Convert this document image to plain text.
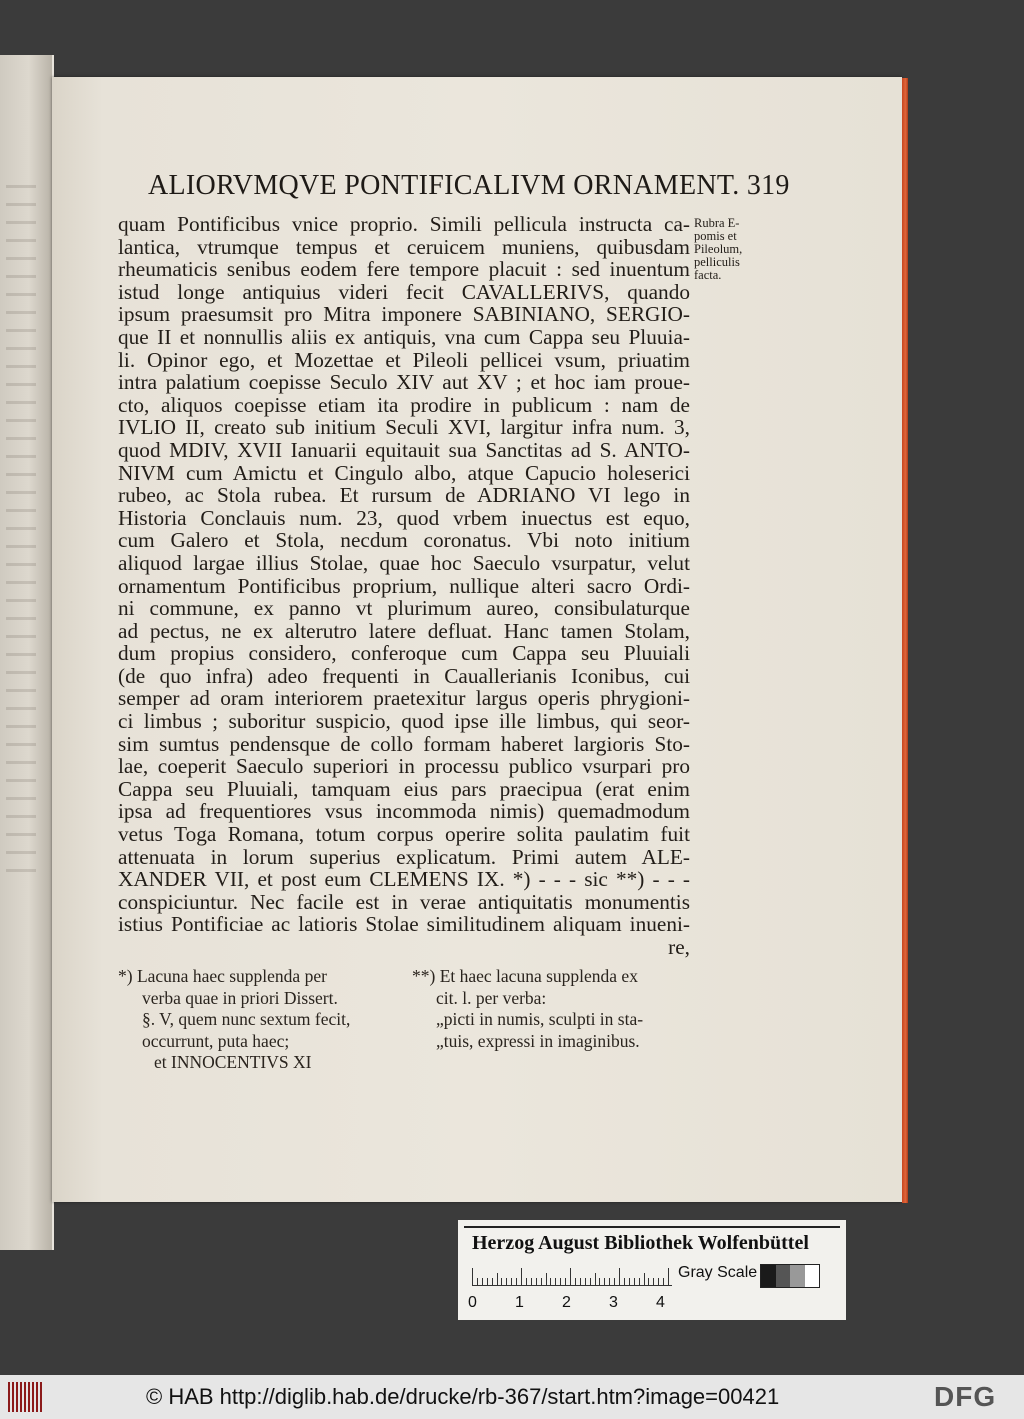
ALIORVMQVE PONTIFICALIVM ORNAMENT. 319
quam Pontificibus vnice proprio. Simili pellicula instructa ca-
lantica, vtrumque tempus et ceruicem muniens, quibusdam
rheumaticis senibus eodem fere tempore placuit : sed inuentum
istud longe antiquius videri fecit CAVALLERIVS, quando
ipsum praesumsit pro Mitra imponere SABINIANO, SERGIO-
que II et nonnullis aliis ex antiquis, vna cum Cappa seu Pluuia-
li. Opinor ego, et Mozettae et Pileoli pellicei vsum, priuatim
intra palatium coepisse Seculo XIV aut XV ; et hoc iam proue-
cto, aliquos coepisse etiam ita prodire in publicum : nam de
IVLIO II, creato sub initium Seculi XVI, largitur infra num. 3,
quod MDIV, XVII Ianuarii equitauit sua Sanctitas ad S. ANTO-
NIVM cum Amictu et Cingulo albo, atque Capucio holeserici
rubeo, ac Stola rubea. Et rursum de ADRIANO VI lego in
Historia Conclauis num. 23, quod vrbem inuectus est equo,
cum Galero et Stola, necdum coronatus. Vbi noto initium
aliquod largae illius Stolae, quae hoc Saeculo vsurpatur, velut
ornamentum Pontificibus proprium, nullique alteri sacro Ordi-
ni commune, ex panno vt plurimum aureo, consibulaturque
ad pectus, ne ex alterutro latere defluat. Hanc tamen Stolam,
dum propius considero, conferoque cum Cappa seu Pluuiali
(de quo infra) adeo frequenti in Cauallerianis Iconibus, cui
semper ad oram interiorem praetexitur largus operis phrygioni-
ci limbus ; suboritur suspicio, quod ipse ille limbus, qui seor-
sim sumtus pendensque de collo formam haberet largioris Sto-
lae, coeperit Saeculo superiori in processu publico vsurpari pro
Cappa seu Pluuiali, tamquam eius pars praecipua (erat enim
ipsa ad frequentiores vsus incommoda nimis) quemadmodum
vetus Toga Romana, totum corpus operire solita paulatim fuit
attenuata in lorum superius explicatum. Primi autem ALE-
XANDER VII, et post eum CLEMENS IX. *) - - - sic **) - - -
conspiciuntur. Nec facile est in verae antiquitatis monumentis
istius Pontificiae ac latioris Stolae similitudinem aliquam inueni-
re,
Rubra E-
pomis et
Pileolum,
pelliculis
facta.
*) Lacuna haec supplenda per
verba quae in priori Dissert.
§. V, quem nunc sextum fecit,
occurrunt, puta haec;
et INNOCENTIVS XI
**) Et haec lacuna supplenda ex
cit. l. per verba:
„picti in numis, sculpti in sta-
„tuis, expressi in imaginibus.
Herzog August Bibliothek Wolfenbüttel
0 1 2 3 4
Gray Scale
© HAB http://diglib.hab.de/drucke/rb-367/start.htm?image=00421	DFG
